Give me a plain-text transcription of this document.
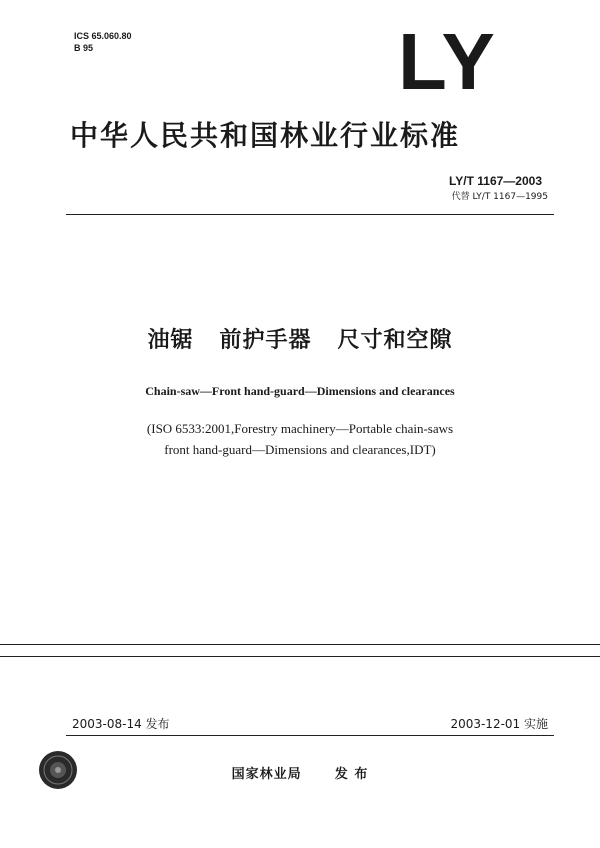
ICS 65.060.80
B 95	LY
中华人民共和国林业行业标准
LY/T 1167—2003
代替 LY/T 1167—1995
油锯   前护手器   尺寸和空隙
Chain-saw—Front hand-guard—Dimensions and clearances
(ISO 6533:2001,Forestry machinery—Portable chain-saws
front hand-guard—Dimensions and clearances,IDT)
2003-08-14 发布	2003-12-01 实施
国家林业局      发 布
